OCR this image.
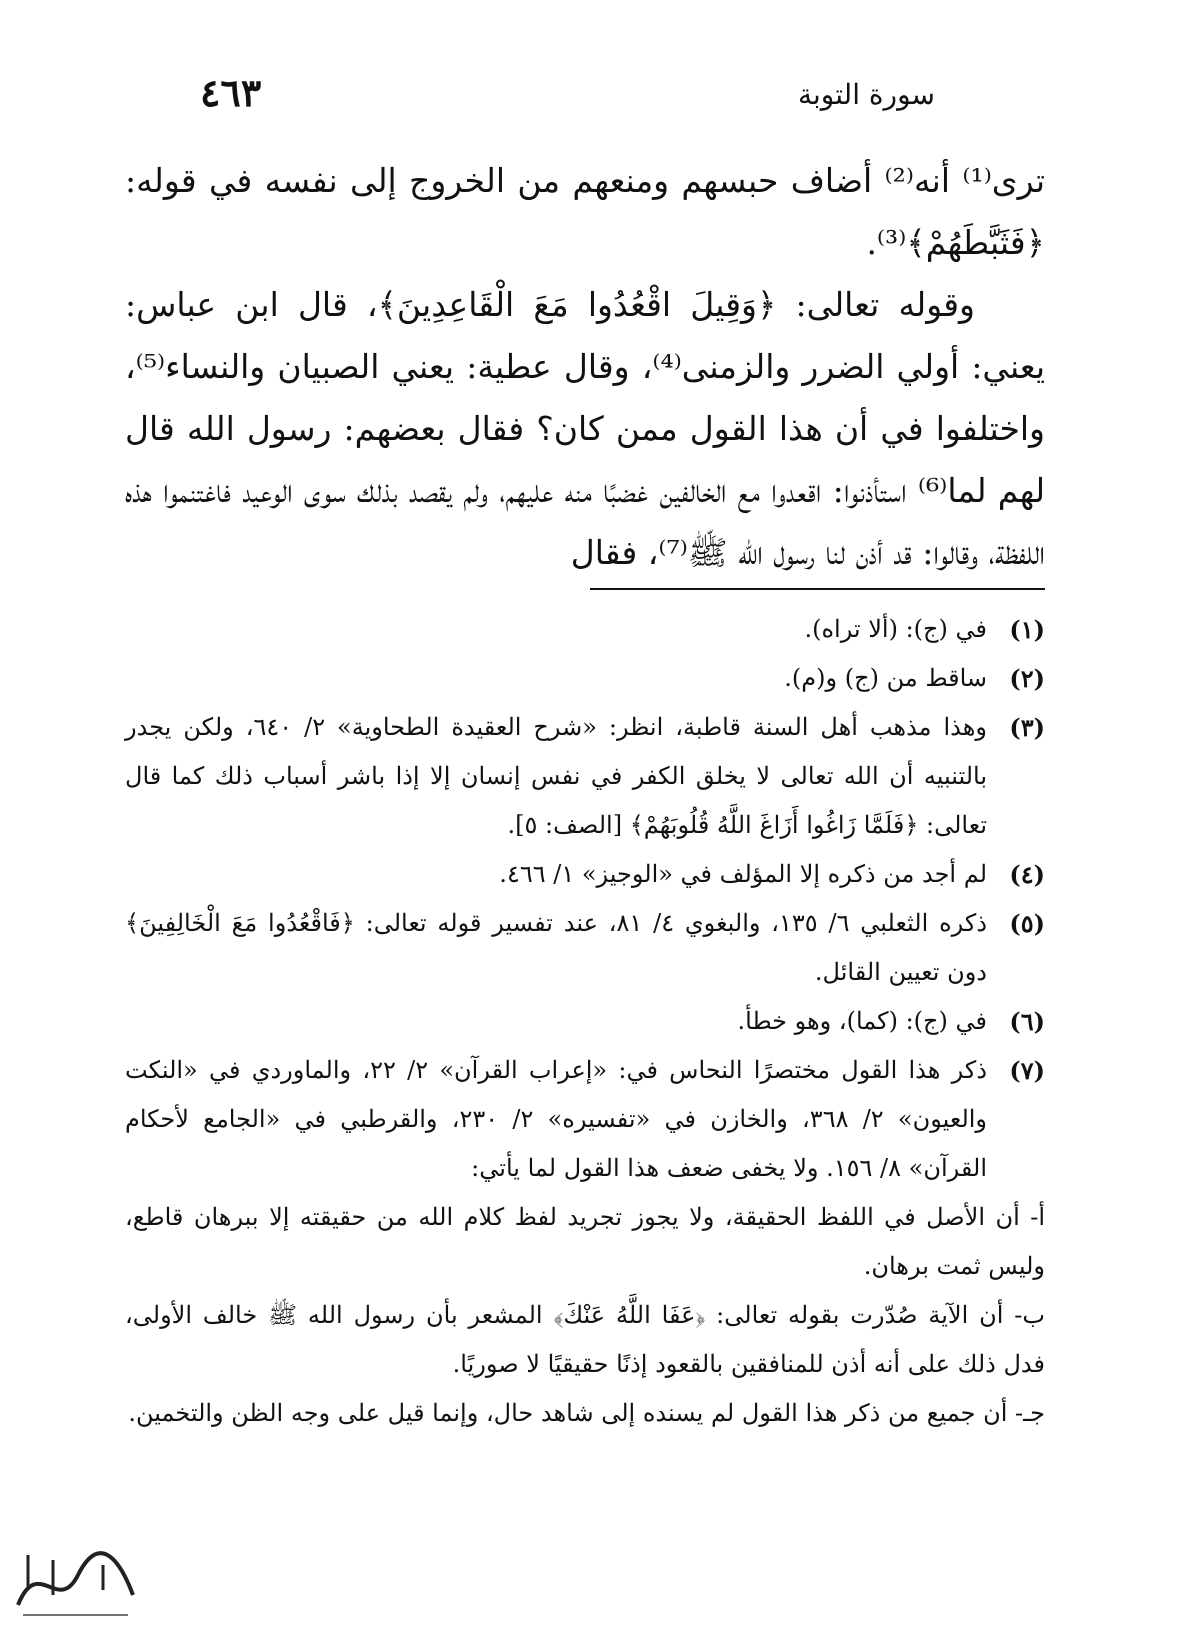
٤٦٣	سورة التوبة

ترى⁽¹⁾ أنه⁽²⁾ أضاف حبسهم ومنعهم من الخروج إلى نفسه في قوله: ﴿فَثَبَّطَهُمْ﴾⁽³⁾.

وقوله تعالى: ﴿وَقِيلَ اقْعُدُوا مَعَ الْقَاعِدِينَ﴾، قال ابن عباس: يعني: أولي الضرر والزمنى⁽⁴⁾، وقال عطية: يعني الصبيان والنساء⁽⁵⁾، واختلفوا في أن هذا القول ممن كان؟ فقال بعضهم: رسول الله قال لهم لما⁽⁶⁾ استأذنوا: اقعدوا مع الخالفين غضبًا منه عليهم، ولم يقصد بذلك سوى الوعيد فاغتنموا هذه اللفظة، وقالوا: قد أذن لنا رسول الله ﷺ⁽⁷⁾، فقال

(١)
في (ج): (ألا تراه).
(٢)
ساقط من (ج) و(م).
(٣)
وهذا مذهب أهل السنة قاطبة، انظر: «شرح العقيدة الطحاوية» ٢/ ٦٤٠، ولكن يجدر بالتنبيه أن الله تعالى لا يخلق الكفر في نفس إنسان إلا إذا باشر أسباب ذلك كما قال تعالى: ﴿فَلَمَّا زَاغُوا أَزَاغَ اللَّهُ قُلُوبَهُمْ﴾ [الصف: ٥].
(٤)
لم أجد من ذكره إلا المؤلف في «الوجيز» ١/ ٤٦٦.
(٥)
ذكره الثعلبي ٦/ ١٣٥، والبغوي ٤/ ٨١، عند تفسير قوله تعالى: ﴿فَاقْعُدُوا مَعَ الْخَالِفِينَ﴾ دون تعيين القائل.
(٦)
في (ج): (كما)، وهو خطأ.
(٧)
ذكر هذا القول مختصرًا النحاس في: «إعراب القرآن» ٢/ ٢٢، والماوردي في «النكت والعيون» ٢/ ٣٦٨، والخازن في «تفسيره» ٢/ ٢٣٠، والقرطبي في «الجامع لأحكام القرآن» ٨/ ١٥٦. ولا يخفى ضعف هذا القول لما يأتي:

أ- أن الأصل في اللفظ الحقيقة، ولا يجوز تجريد لفظ كلام الله من حقيقته إلا ببرهان قاطع، وليس ثمت برهان.

ب- أن الآية صُدّرت بقوله تعالى: ﴿عَفَا اللَّهُ عَنْكَ﴾ المشعر بأن رسول الله ﷺ خالف الأولى، فدل ذلك على أنه أذن للمنافقين بالقعود إذنًا حقيقيًا لا صوريًا.

جـ- أن جميع من ذكر هذا القول لم يسنده إلى شاهد حال، وإنما قيل على وجه الظن والتخمين.
